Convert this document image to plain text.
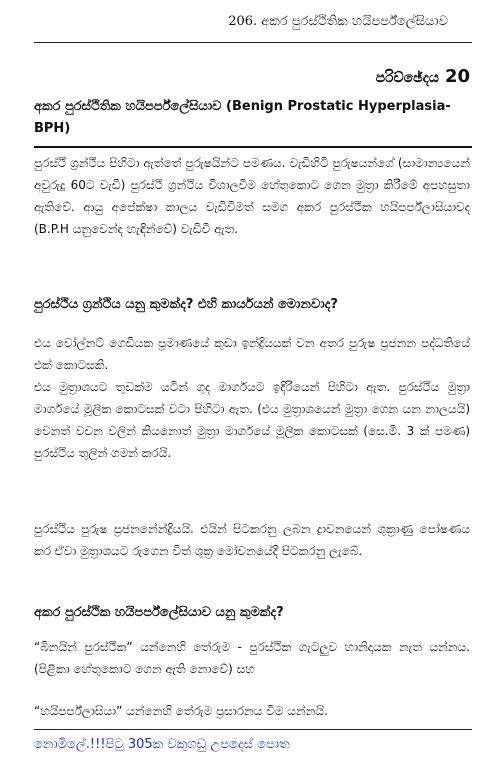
206. අකර පුරස්ථිතික හයිපර්ප්ලේසියාව
පරිච්ඡේදය 20
අකර පුරස්ථිතික හයිපර්ප්ලේසියාව (Benign Prostatic Hyperplasia-BPH)

පුරස්ථි ග්‍රන්ථිය පිහිටා ඇත්තේ පුරුෂයින්ට පමණය. වැඩිහිටි පුරුෂයන්ගේ (සාමාන්‍යයෙන් අවුරුදු 60ට වැඩි) පුරස්ථි ග්‍රන්ථිය විශාලවීම හේතුකොට ගෙන මුත්‍රා කිරීමේ අපහසුතා ඇතිවේ. ආයු අපේක්ෂා කාලය වැඩිවීමත් සමග අකර පුරස්ථික හයිපර්ප්ලාසියාවද (B.P.H යනුවෙන්ද හැඳින්වේ) වැඩිවී ඇත.

පුරස්ථිය ග්‍රන්ථිය යනු කුමක්ද? එහි කාර්යයන් මොනවාද?

එය වෝල්නට් ගෙඩියක ප්‍රමාණයේ කුඩා ඉන්ද්‍රියයක් වන අතර පුරුෂ ප්‍රජනන පද්ධතියේ එක් කොටසකි.

එය මුත්‍රාශයට තුඩක්ම යටින් ගුද මාර්ගයට ඉදිරියෙන් පිහිටා ඇත. පුරස්ථිය මුත්‍රා මාර්ගයේ මූලික කොටසක් වටා පිහිටා ඇත. (එය මුත්‍රාශයෙන් මුත්‍රා ගෙන යන නාලයයි) වෙනත් වචන වලින් කියනොත් මුත්‍රා මාර්ගයේ මූලික කොටසක් (සෙ.මී. 3 ක් පමණ) පුරස්ථිය තුලින් ගමන් කරයි.

පුරස්ථිය පුරුෂ ප්‍රජනනේන්ද්‍රියයි. එයින් පිටකරනු ලබන ද්‍රාවනයෙන් ශුක්‍රාණු පෝෂණය කර ඒවා මුත්‍රාශයට රුගෙන විත් ශුක්‍ර මෝචනයේදී පිටකරනු ලැබේ.

අකර පුරස්ථික හයිපර්ප්ලේසියාව යනු කුමක්ද?

“බිනයින් පුරස්ථික” යන්නෙහි තේරුම - පුරස්ථික ගැටලුව හානිදායක නැත යන්නය. (පිළිකා හේතුකොට ගෙන ඇති නොවේ) සහ

“හයිපර්ප්ලාසියා” යන්නෙහි තේරුම ප්‍රසාරනය වීම යන්නයි.

නොමිලේ.!!!පිටු 305ක වකුගඩු උපදෙස් පොත
